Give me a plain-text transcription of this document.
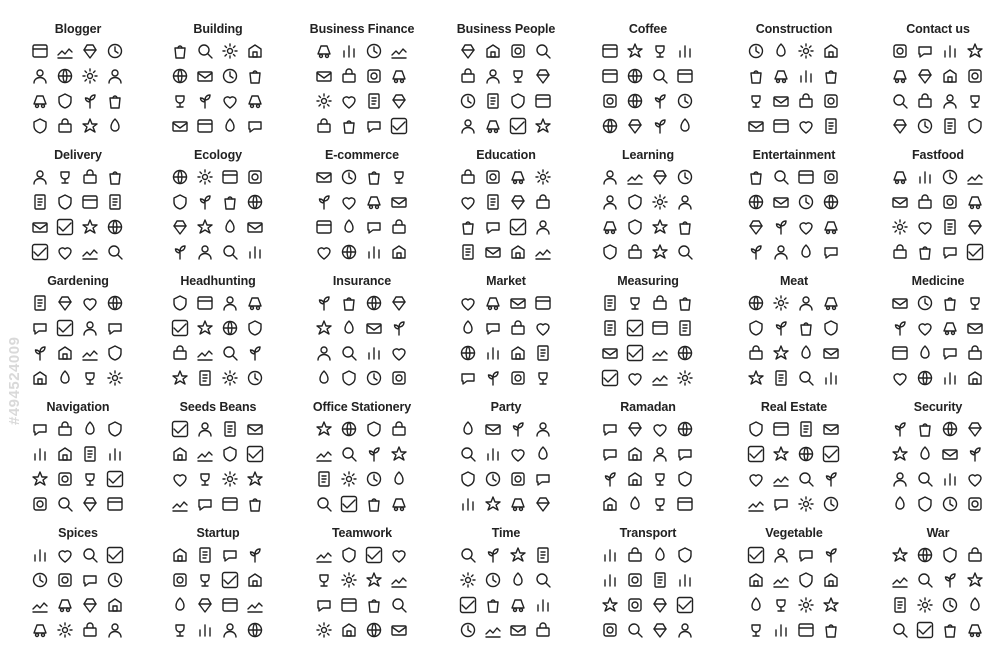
Blogger	Building	Business Finance	Business People	Coffee	Construction	Contact us
Delivery	Ecology	E-commerce	Education	Learning	Entertainment	Fastfood
Gardening	Headhunting	Insurance	Market	Measuring	Meat	Medicine
Navigation	Seeds Beans	Office Stationery	Party	Ramadan	Real Estate	Security
Spices	Startup	Teamwork	Time	Transport	Vegetable	War
#494524009
